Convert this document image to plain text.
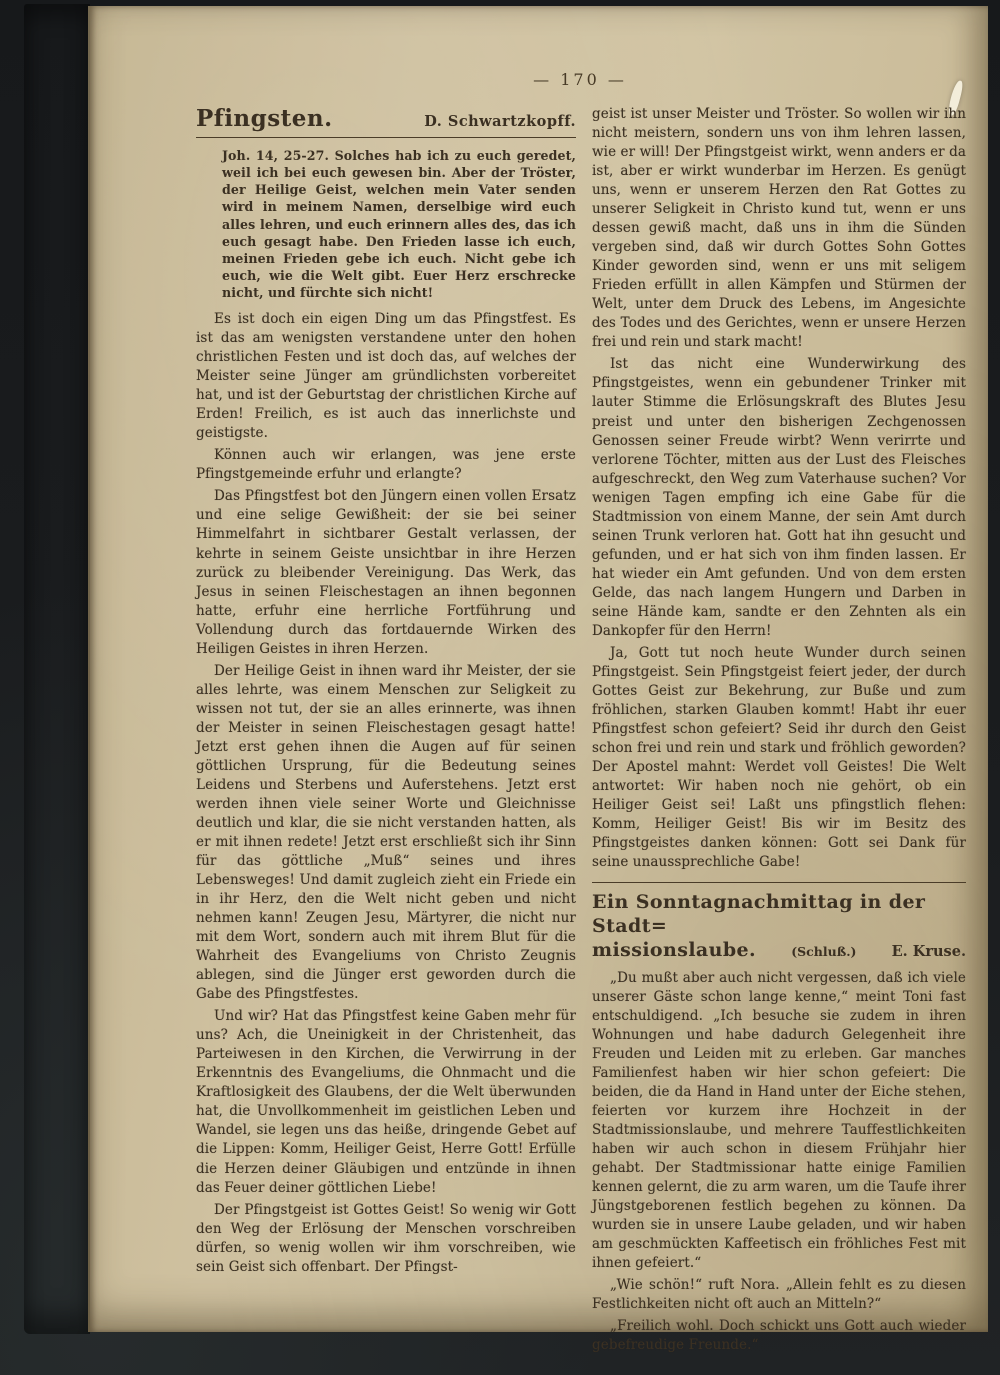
— 170 —
Pfingsten.	D. Schwartzkopff.

Joh. 14, 25-27. Solches hab ich zu euch geredet, weil ich bei euch gewesen bin. Aber der Tröster, der Heilige Geist, welchen mein Vater senden wird in meinem Namen, derselbige wird euch alles lehren, und euch erinnern alles des, das ich euch gesagt habe. Den Frieden lasse ich euch, meinen Frieden gebe ich euch. Nicht gebe ich euch, wie die Welt gibt. Euer Herz erschrecke nicht, und fürchte sich nicht!

Es ist doch ein eigen Ding um das Pfingstfest. Es ist das am wenigsten verstandene unter den hohen christlichen Festen und ist doch das, auf welches der Meister seine Jünger am gründlichsten vorbereitet hat, und ist der Geburtstag der christlichen Kirche auf Erden! Freilich, es ist auch das innerlichste und geistigste.

Können auch wir erlangen, was jene erste Pfingstgemeinde erfuhr und erlangte?

Das Pfingstfest bot den Jüngern einen vollen Ersatz und eine selige Gewißheit: der sie bei seiner Himmelfahrt in sichtbarer Gestalt verlassen, der kehrte in seinem Geiste unsichtbar in ihre Herzen zurück zu bleibender Vereinigung. Das Werk, das Jesus in seinen Fleischestagen an ihnen begonnen hatte, erfuhr eine herrliche Fortführung und Vollendung durch das fortdauernde Wirken des Heiligen Geistes in ihren Herzen.

Der Heilige Geist in ihnen ward ihr Meister, der sie alles lehrte, was einem Menschen zur Seligkeit zu wissen not tut, der sie an alles erinnerte, was ihnen der Meister in seinen Fleischestagen gesagt hatte! Jetzt erst gehen ihnen die Augen auf für seinen göttlichen Ursprung, für die Bedeutung seines Leidens und Sterbens und Auferstehens. Jetzt erst werden ihnen viele seiner Worte und Gleichnisse deutlich und klar, die sie nicht verstanden hatten, als er mit ihnen redete! Jetzt erst erschließt sich ihr Sinn für das göttliche „Muß“ seines und ihres Lebensweges! Und damit zugleich zieht ein Friede ein in ihr Herz, den die Welt nicht geben und nicht nehmen kann! Zeugen Jesu, Märtyrer, die nicht nur mit dem Wort, sondern auch mit ihrem Blut für die Wahrheit des Evangeliums von Christo Zeugnis ablegen, sind die Jünger erst geworden durch die Gabe des Pfingstfestes.

Und wir? Hat das Pfingstfest keine Gaben mehr für uns? Ach, die Uneinigkeit in der Christenheit, das Parteiwesen in den Kirchen, die Verwirrung in der Erkenntnis des Evangeliums, die Ohnmacht und die Kraftlosigkeit des Glaubens, der die Welt überwunden hat, die Unvollkommenheit im geistlichen Leben und Wandel, sie legen uns das heiße, dringende Gebet auf die Lippen: Komm, Heiliger Geist, Herre Gott! Erfülle die Herzen deiner Gläubigen und entzünde in ihnen das Feuer deiner göttlichen Liebe!

Der Pfingstgeist ist Gottes Geist! So wenig wir Gott den Weg der Erlösung der Menschen vorschreiben dürfen, so wenig wollen wir ihm vorschreiben, wie sein Geist sich offenbart. Der Pfingst-

geist ist unser Meister und Tröster. So wollen wir ihn nicht meistern, sondern uns von ihm lehren lassen, wie er will! Der Pfingstgeist wirkt, wenn anders er da ist, aber er wirkt wunderbar im Herzen. Es genügt uns, wenn er unserem Herzen den Rat Gottes zu unserer Seligkeit in Christo kund tut, wenn er uns dessen gewiß macht, daß uns in ihm die Sünden vergeben sind, daß wir durch Gottes Sohn Gottes Kinder geworden sind, wenn er uns mit seligem Frieden erfüllt in allen Kämpfen und Stürmen der Welt, unter dem Druck des Lebens, im Angesichte des Todes und des Gerichtes, wenn er unsere Herzen frei und rein und stark macht!

Ist das nicht eine Wunderwirkung des Pfingstgeistes, wenn ein gebundener Trinker mit lauter Stimme die Erlösungskraft des Blutes Jesu preist und unter den bisherigen Zechgenossen Genossen seiner Freude wirbt? Wenn verirrte und verlorene Töchter, mitten aus der Lust des Fleisches aufgeschreckt, den Weg zum Vaterhause suchen? Vor wenigen Tagen empfing ich eine Gabe für die Stadtmission von einem Manne, der sein Amt durch seinen Trunk verloren hat. Gott hat ihn gesucht und gefunden, und er hat sich von ihm finden lassen. Er hat wieder ein Amt gefunden. Und von dem ersten Gelde, das nach langem Hungern und Darben in seine Hände kam, sandte er den Zehnten als ein Dankopfer für den Herrn!

Ja, Gott tut noch heute Wunder durch seinen Pfingstgeist. Sein Pfingstgeist feiert jeder, der durch Gottes Geist zur Bekehrung, zur Buße und zum fröhlichen, starken Glauben kommt! Habt ihr euer Pfingstfest schon gefeiert? Seid ihr durch den Geist schon frei und rein und stark und fröhlich geworden? Der Apostel mahnt: Werdet voll Geistes! Die Welt antwortet: Wir haben noch nie gehört, ob ein Heiliger Geist sei! Laßt uns pfingstlich flehen: Komm, Heiliger Geist! Bis wir im Besitz des Pfingstgeistes danken können: Gott sei Dank für seine unaussprechliche Gabe!

Ein Sonntagnachmittag in der Stadt=
missionslaube.	(Schluß.)	E. Kruse.

„Du mußt aber auch nicht vergessen, daß ich viele unserer Gäste schon lange kenne,“ meint Toni fast entschuldigend. „Ich besuche sie zudem in ihren Wohnungen und habe dadurch Gelegenheit ihre Freuden und Leiden mit zu erleben. Gar manches Familienfest haben wir hier schon gefeiert: Die beiden, die da Hand in Hand unter der Eiche stehen, feierten vor kurzem ihre Hochzeit in der Stadtmissionslaube, und mehrere Tauffestlichkeiten haben wir auch schon in diesem Frühjahr hier gehabt. Der Stadtmissionar hatte einige Familien kennen gelernt, die zu arm waren, um die Taufe ihrer Jüngstgeborenen festlich begehen zu können. Da wurden sie in unsere Laube geladen, und wir haben am geschmückten Kaffeetisch ein fröhliches Fest mit ihnen gefeiert.“

„Wie schön!“ ruft Nora. „Allein fehlt es zu diesen Festlichkeiten nicht oft auch an Mitteln?“

„Freilich wohl. Doch schickt uns Gott auch wieder gebefreudige Freunde.“
